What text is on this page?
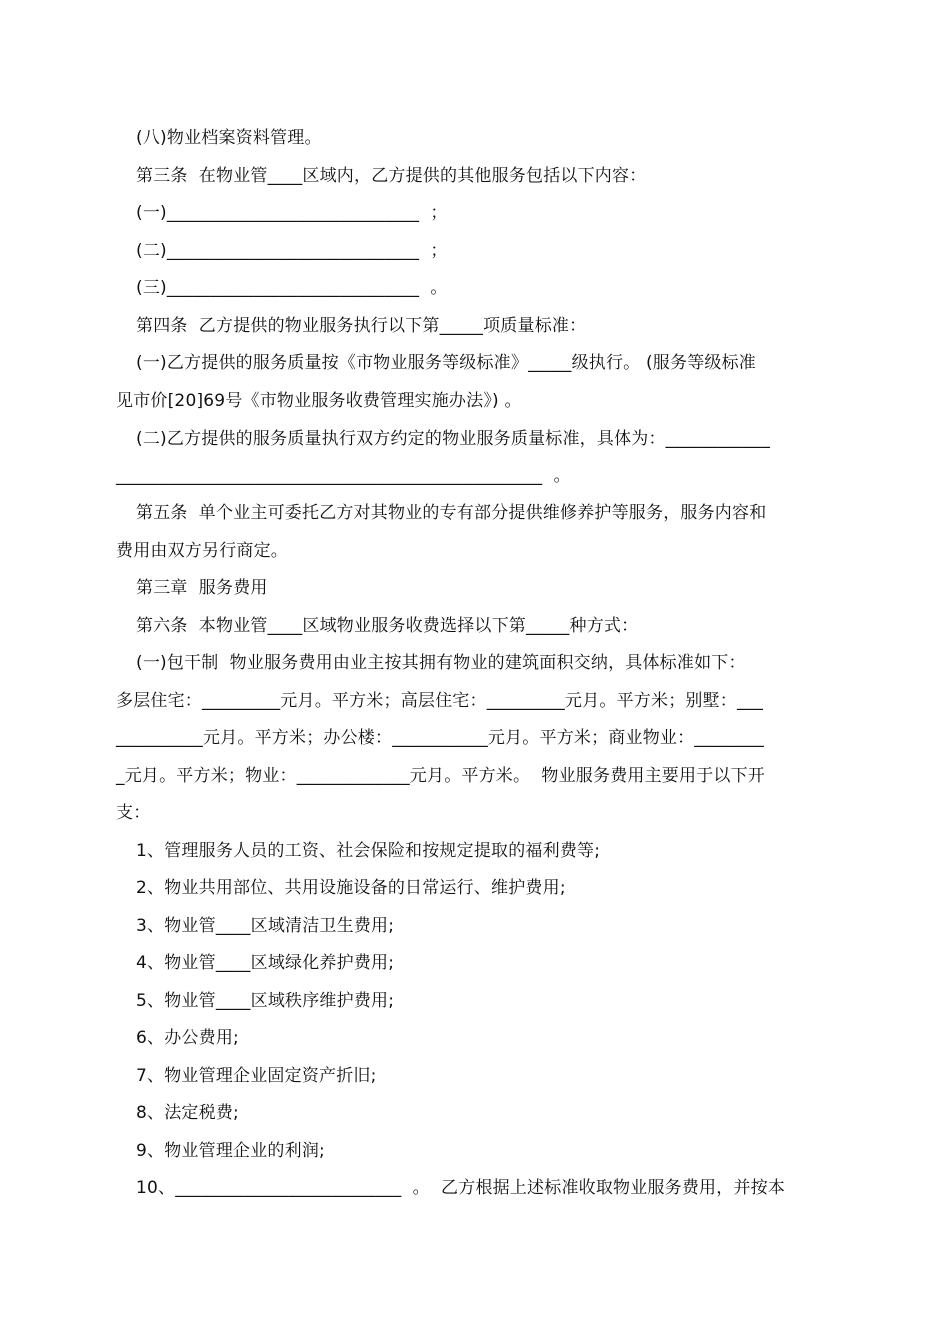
(八)物业档案资料管理。
第三条  在物业管____区域内，乙方提供的其他服务包括以下内容：
(一)_____________________________  ；
(二)_____________________________  ；
(三)_____________________________  。
第四条  乙方提供的物业服务执行以下第_____项质量标准：
(一)乙方提供的服务质量按《市物业服务等级标准》_____级执行。 (服务等级标准
见市价[20]69号《市物业服务收费管理实施办法》) 。
(二)乙方提供的服务质量执行双方约定的物业服务质量标准，具体为：____________
_________________________________________________  。
第五条  单个业主可委托乙方对其物业的专有部分提供维修养护等服务，服务内容和
费用由双方另行商定。
第三章  服务费用
第六条  本物业管____区域物业服务收费选择以下第_____种方式：
(一)包干制  物业服务费用由业主按其拥有物业的建筑面积交纳，具体标准如下：
多层住宅：_________元月。平方米；高层住宅：_________元月。平方米；别墅：___
__________元月。平方米；办公楼：___________元月。平方米；商业物业：________
_元月。平方米；物业：_____________元月。平方米。  物业服务费用主要用于以下开
支：
1、管理服务人员的工资、社会保险和按规定提取的福利费等;
2、物业共用部位、共用设施设备的日常运行、维护费用;
3、物业管____区域清洁卫生费用;
4、物业管____区域绿化养护费用;
5、物业管____区域秩序维护费用;
6、办公费用;
7、物业管理企业固定资产折旧;
8、法定税费;
9、物业管理企业的利润;
10、__________________________  。  乙方根据上述标准收取物业服务费用，并按本
